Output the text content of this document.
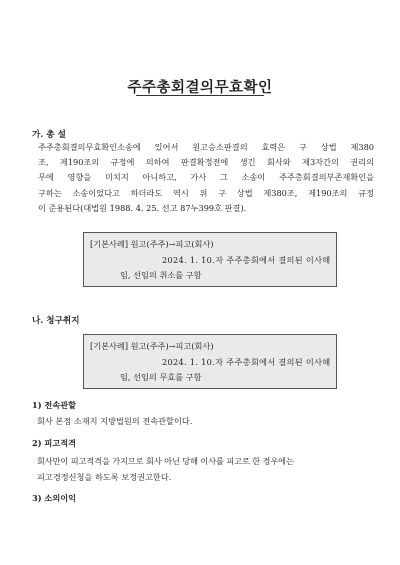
주주총회결의무효확인
가. 총 설
주주총회결의무효확인소송에 있어서 원고승소판결의 효력은 구 상법 제380
조, 제190조의 규정에 의하여 판결확정전에 생긴 회사와 제3자간의 권리의
무에 영향을 미치지 아니하고, 가사 그 소송이 주주총회결의부존재확인을
구하는 소송이었다고 하더라도 역시 위 구 상법 제380조, 제190조의 규정
이 준용된다(대법원 1988. 4. 25. 선고 87누399호 판결).
[기본사례] 원고(주주)→피고(회사)
2024. 1. 10.자 주주총회에서 결의된 이사해
임, 선임의 취소를 구함
나. 청구취지
[기본사례] 원고(주주)→피고(회사)
2024. 1. 10.자 주주총회에서 결의된 이사해
임, 선임의 무효를 구함
1) 전속관할
회사 본점 소재지 지방법원의 전속관할이다.
2) 피고적격
회사만이 피고적격을 가지므로 회사 아닌 당해 이사를 피고로 한 경우에는
피고경정신청을 하도록 보정권고한다.
3) 소의이익
